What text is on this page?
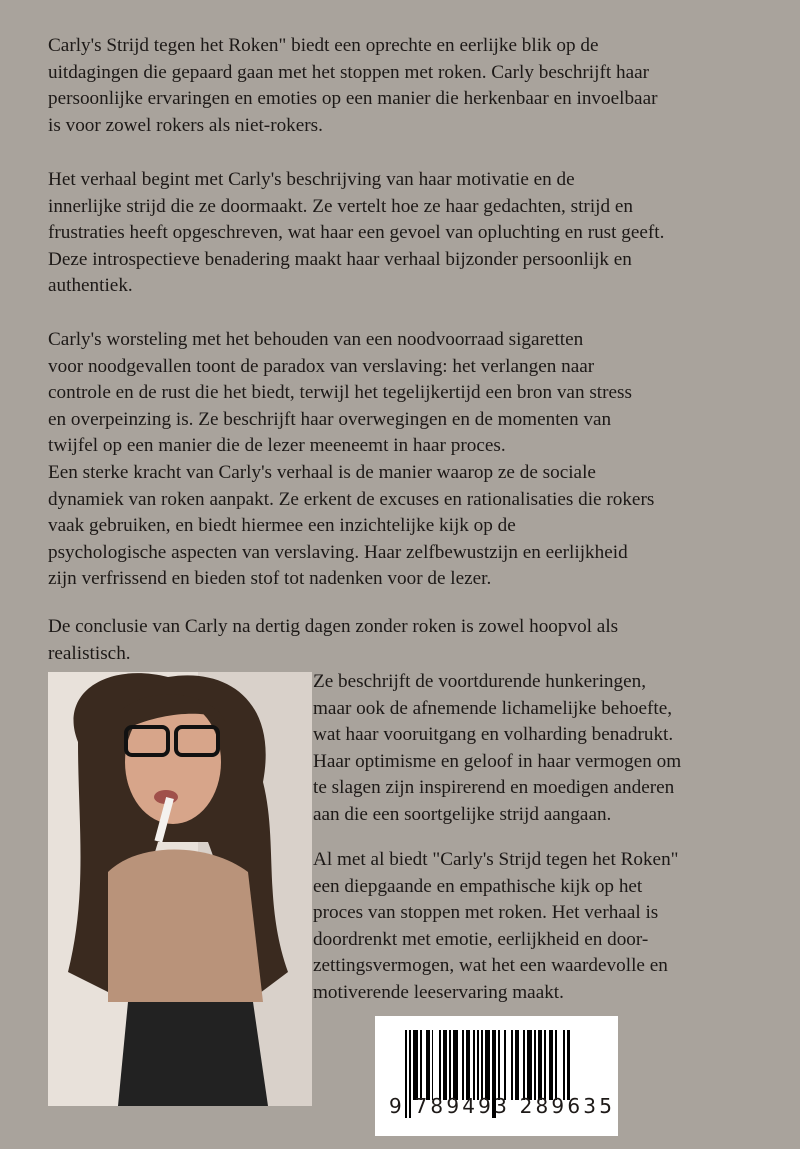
Carly's Strijd tegen het Roken" biedt een oprechte en eerlijke blik op de
uitdagingen die gepaard gaan met het stoppen met roken. Carly beschrijft haar
persoonlijke ervaringen en emoties op een manier die herkenbaar en invoelbaar
is voor zowel rokers als niet-rokers.
Het verhaal begint met Carly's beschrijving van haar motivatie en de
innerlijke strijd die ze doormaakt. Ze vertelt hoe ze haar gedachten, strijd en
frustraties heeft opgeschreven, wat haar een gevoel van opluchting en rust geeft.
Deze introspectieve benadering maakt haar verhaal bijzonder persoonlijk en
authentiek.
Carly's worsteling met het behouden van een noodvoorraad sigaretten
voor noodgevallen toont de paradox van verslaving: het verlangen naar
controle en de rust die het biedt, terwijl het tegelijkertijd een bron van stress
en overpeinzing is. Ze beschrijft haar overwegingen en de momenten van
twijfel op een manier die de lezer meeneemt in haar proces.
Een sterke kracht van Carly's verhaal is de manier waarop ze de sociale
dynamiek van roken aanpakt. Ze erkent de excuses en rationalisaties die rokers
vaak gebruiken, en biedt hiermee een inzichtelijke kijk op de
psychologische aspecten van verslaving. Haar zelfbewustzijn en eerlijkheid
zijn verfrissend en bieden stof tot nadenken voor de lezer.
De conclusie van Carly na dertig dagen zonder roken is zowel hoopvol als
realistisch.
Ze beschrijft de voortdurende hunkeringen,
maar ook de afnemende lichamelijke behoefte,
wat haar vooruitgang en volharding benadrukt.
Haar optimisme en geloof in haar vermogen om
te slagen zijn inspirerend en moedigen anderen
aan die een soortgelijke strijd aangaan.
Al met al biedt "Carly's Strijd tegen het Roken"
een diepgaande en empathische kijk op het
proces van stoppen met roken. Het verhaal is
doordrenkt met emotie, eerlijkheid en door-
zettingsvermogen, wat het een waardevolle en
motiverende leeservaring maakt.
9 789493 289635
